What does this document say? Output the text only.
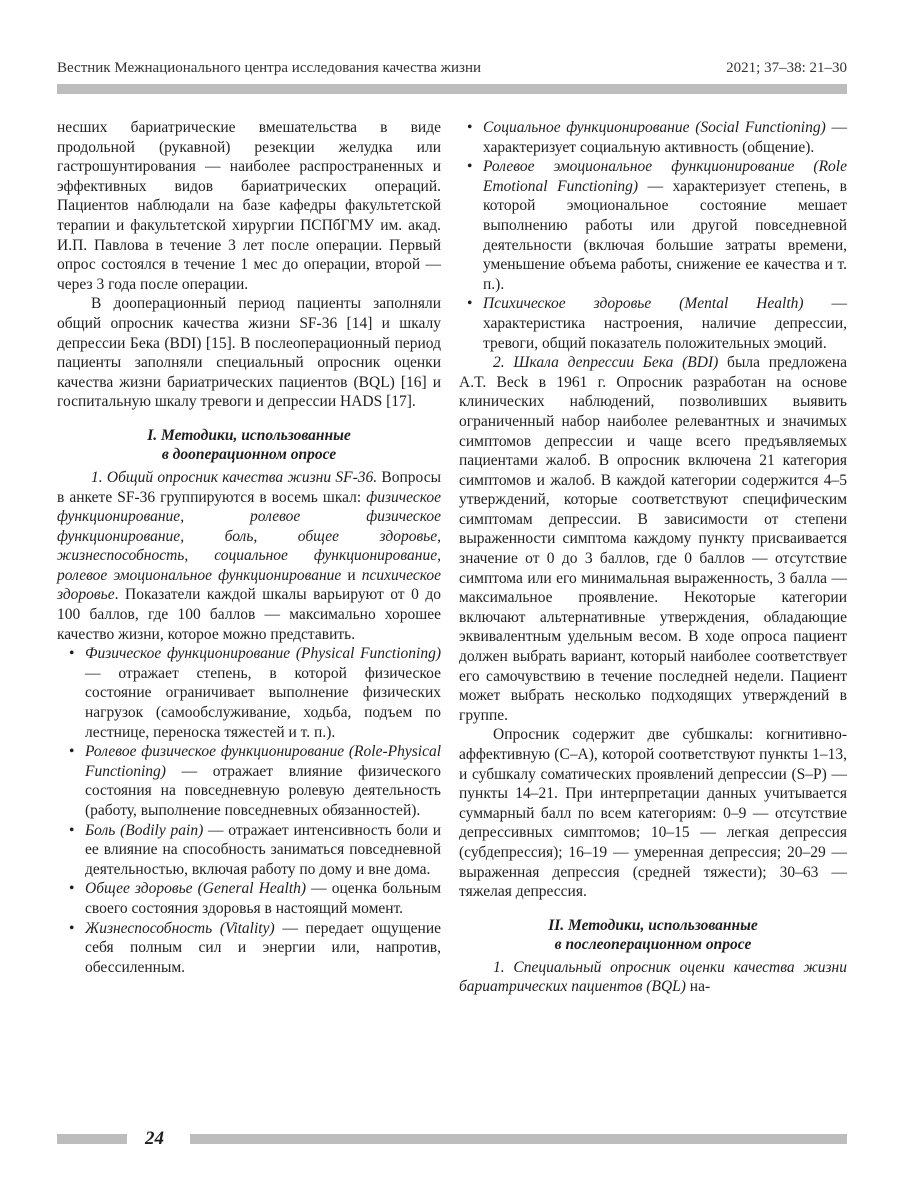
Вестник Межнационального центра исследования качества жизни	2021; 37–38: 21–30

несших бариатрические вмешательства в виде продольной (рукавной) резекции желудка или гастрошунтирования — наиболее распространенных и эффективных видов бариатрических операций. Пациентов наблюдали на базе кафедры факультетской терапии и факультетской хирургии ПСПбГМУ им. акад. И.П. Павлова в течение 3 лет после операции. Первый опрос состоялся в течение 1 мес до операции, второй — через 3 года после операции.

В дооперационный период пациенты заполняли общий опросник качества жизни SF-36 [14] и шкалу депрессии Бека (BDI) [15]. В послеоперационный период пациенты заполняли специальный опросник оценки качества жизни бариатрических пациентов (BQL) [16] и госпитальную шкалу тревоги и депрессии HADS [17].

I. Методики, использованные
в дооперационном опросе

1. Общий опросник качества жизни SF-36. Вопросы в анкете SF-36 группируются в восемь шкал: физическое функционирование, ролевое физическое функционирование, боль, общее здоровье, жизнеспособность, социальное функционирование, ролевое эмоциональное функционирование и психическое здоровье. Показатели каждой шкалы варьируют от 0 до 100 баллов, где 100 баллов — максимально хорошее качество жизни, которое можно представить.

• Физическое функционирование (Physical Functioning) — отражает степень, в которой физическое состояние ограничивает выполнение физических нагрузок (самообслуживание, ходьба, подъем по лестнице, переноска тяжестей и т. п.).
• Ролевое физическое функционирование (Role-Physical Functioning) — отражает влияние физического состояния на повседневную ролевую деятельность (работу, выполнение повседневных обязанностей).
• Боль (Bodily pain) — отражает интенсивность боли и ее влияние на способность заниматься повседневной деятельностью, включая работу по дому и вне дома.
• Общее здоровье (General Health) — оценка больным своего состояния здоровья в настоящий момент.
• Жизнеспособность (Vitality) — передает ощущение себя полным сил и энергии или, напротив, обессиленным.
• Социальное функционирование (Social Functioning) — характеризует социальную активность (общение).
• Ролевое эмоциональное функционирование (Role Emotional Functioning) — характеризует степень, в которой эмоциональное состояние мешает выполнению работы или другой повседневной деятельности (включая большие затраты времени, уменьшение объема работы, снижение ее качества и т. п.).
• Психическое здоровье (Mental Health) — характеристика настроения, наличие депрессии, тревоги, общий показатель положительных эмоций.

2. Шкала депрессии Бека (BDI) была предложена A.T. Beck в 1961 г. Опросник разработан на основе клинических наблюдений, позволивших выявить ограниченный набор наиболее релевантных и значимых симптомов депрессии и чаще всего предъявляемых пациентами жалоб. В опросник включена 21 категория симптомов и жалоб. В каждой категории содержится 4–5 утверждений, которые соответствуют специфическим симптомам депрессии. В зависимости от степени выраженности симптома каждому пункту присваивается значение от 0 до 3 баллов, где 0 баллов — отсутствие симптома или его минимальная выраженность, 3 балла — максимальное проявление. Некоторые категории включают альтернативные утверждения, обладающие эквивалентным удельным весом. В ходе опроса пациент должен выбрать вариант, который наиболее соответствует его самочувствию в течение последней недели. Пациент может выбрать несколько подходящих утверждений в группе.

Опросник содержит две субшкалы: когнитивно-аффективную (C–A), которой соответствуют пункты 1–13, и субшкалу соматических проявлений депрессии (S–P) — пункты 14–21. При интерпретации данных учитывается суммарный балл по всем категориям: 0–9 — отсутствие депрессивных симптомов; 10–15 — легкая депрессия (субдепрессия); 16–19 — умеренная депрессия; 20–29 — выраженная депрессия (средней тяжести); 30–63 — тяжелая депрессия.

II. Методики, использованные
в послеоперационном опросе

1. Специальный опросник оценки качества жизни бариатрических пациентов (BQL) на-

24
